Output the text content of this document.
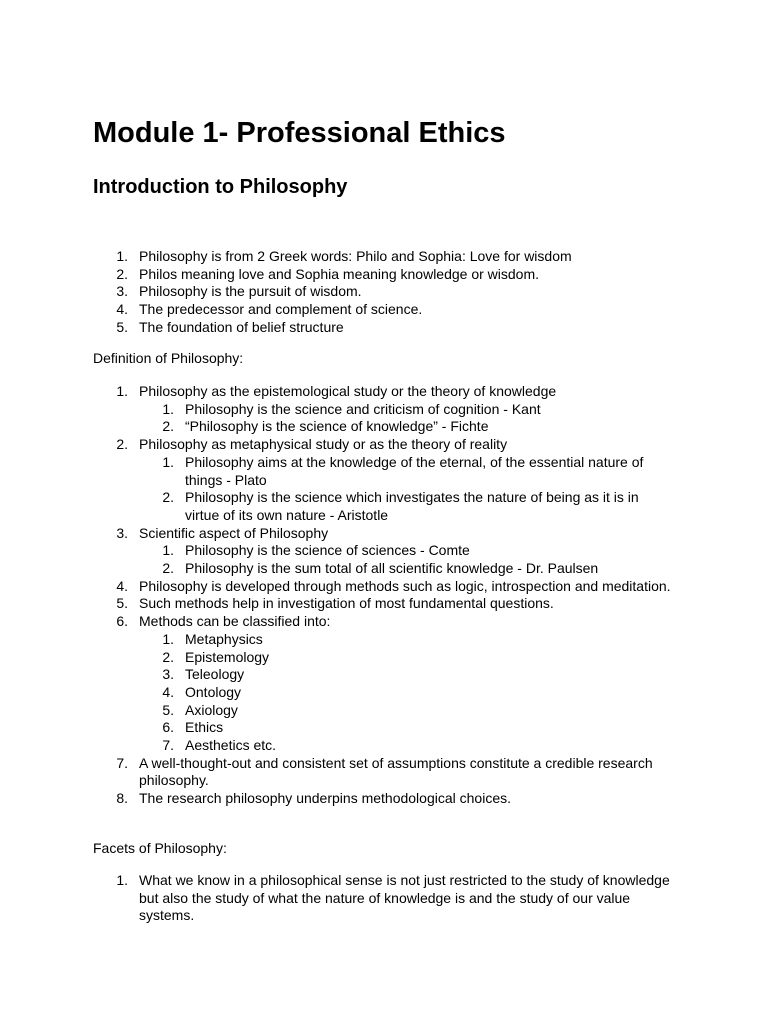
Module 1- Professional Ethics
Introduction to Philosophy
1. Philosophy is from 2 Greek words: Philo and Sophia: Love for wisdom
2. Philos meaning love and Sophia meaning knowledge or wisdom.
3. Philosophy is the pursuit of wisdom.
4. The predecessor and complement of science.
5. The foundation of belief structure

Definition of Philosophy:

1. Philosophy as the epistemological study or the theory of knowledge
1. Philosophy is the science and criticism of cognition - Kant
2. “Philosophy is the science of knowledge” - Fichte
2. Philosophy as metaphysical study or as the theory of reality
1. Philosophy aims at the knowledge of the eternal, of the essential nature of things - Plato
2. Philosophy is the science which investigates the nature of being as it is in virtue of its own nature - Aristotle
3. Scientific aspect of Philosophy
1. Philosophy is the science of sciences - Comte
2. Philosophy is the sum total of all scientific knowledge - Dr. Paulsen
4. Philosophy is developed through methods such as logic, introspection and meditation.
5. Such methods help in investigation of most fundamental questions.
6. Methods can be classified into:
1. Metaphysics
2. Epistemology
3. Teleology
4. Ontology
5. Axiology
6. Ethics
7. Aesthetics etc.
7. A well-thought-out and consistent set of assumptions constitute a credible research philosophy.
8. The research philosophy underpins methodological choices.

Facets of Philosophy:

1. What we know in a philosophical sense is not just restricted to the study of knowledge but also the study of what the nature of knowledge is and the study of our value systems.
